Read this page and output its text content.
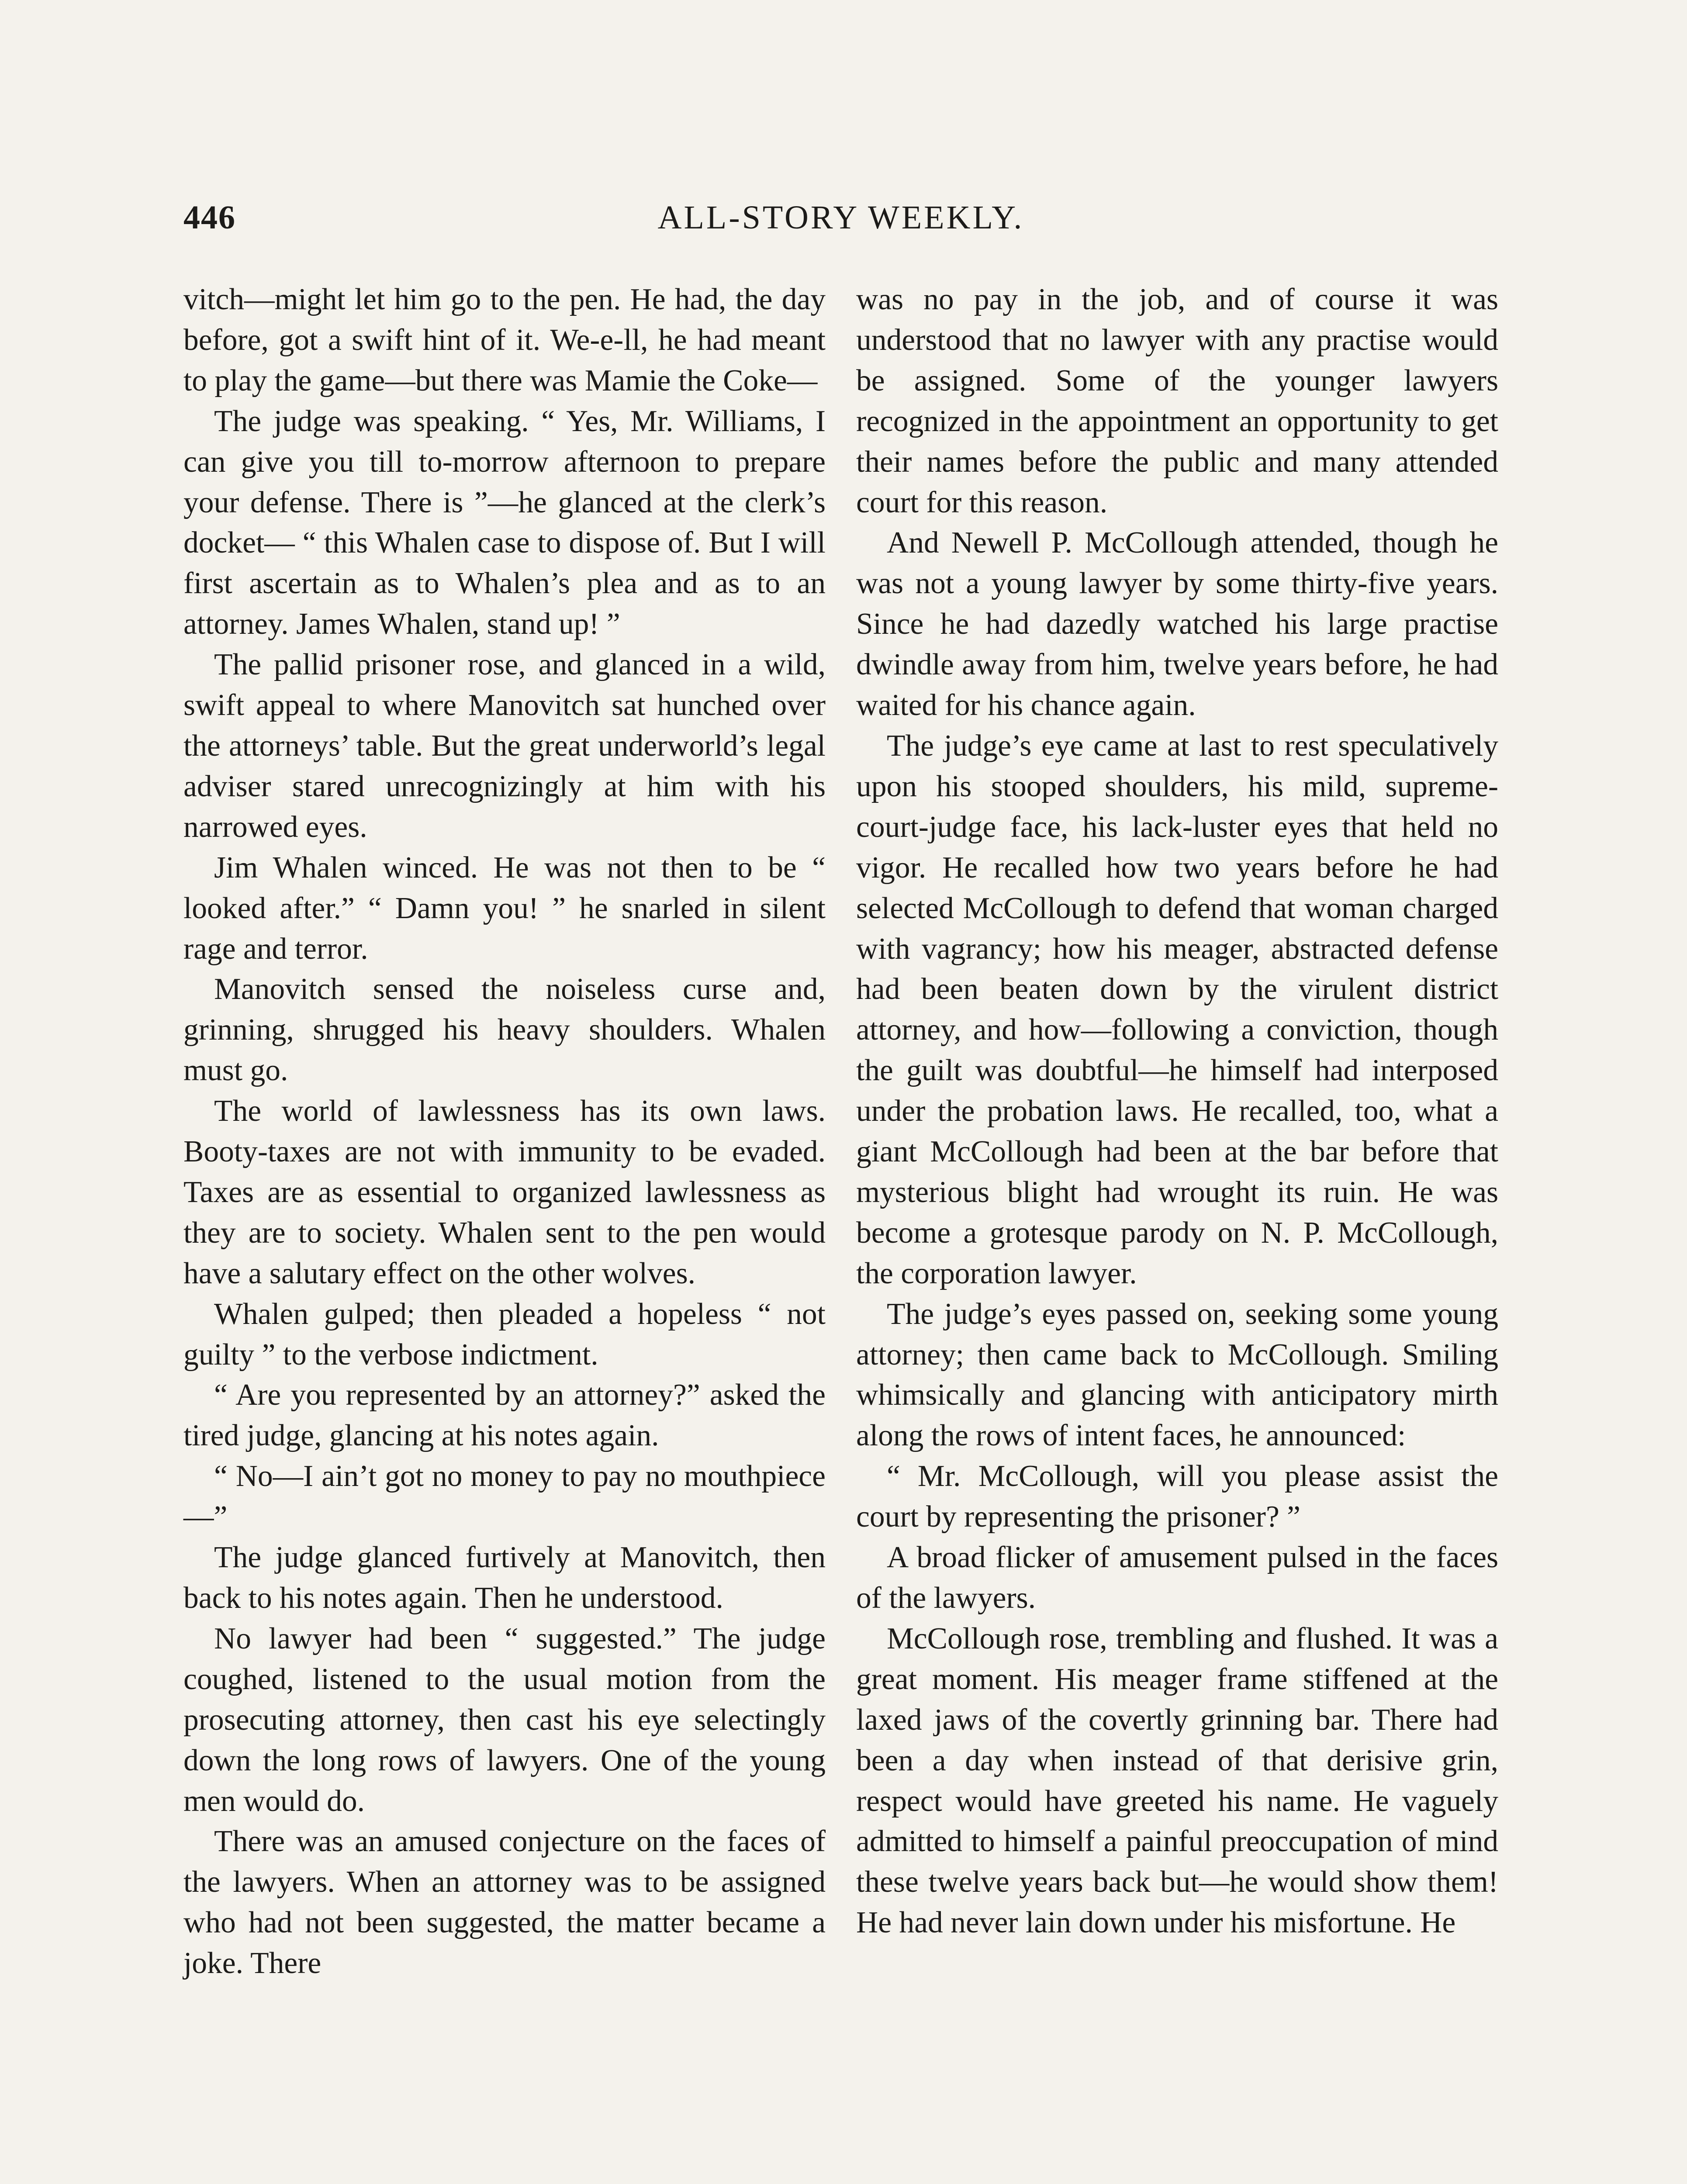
446	ALL-STORY WEEKLY.

vitch—might let him go to the pen. He had, the day before, got a swift hint of it. We-e-ll, he had meant to play the game—but there was Mamie the Coke—

The judge was speaking. “ Yes, Mr. Williams, I can give you till to-morrow afternoon to prepare your defense. There is ”—he glanced at the clerk’s docket— “ this Whalen case to dispose of. But I will first ascertain as to Whalen’s plea and as to an attorney. James Whalen, stand up! ”

The pallid prisoner rose, and glanced in a wild, swift appeal to where Manovitch sat hunched over the attorneys’ table. But the great underworld’s legal adviser stared unrecognizingly at him with his narrowed eyes.

Jim Whalen winced. He was not then to be “ looked after.” “ Damn you! ” he snarled in silent rage and terror.

Manovitch sensed the noiseless curse and, grinning, shrugged his heavy shoulders. Whalen must go.

The world of lawlessness has its own laws. Booty-taxes are not with immunity to be evaded. Taxes are as essential to organized lawlessness as they are to society. Whalen sent to the pen would have a salutary effect on the other wolves.

Whalen gulped; then pleaded a hopeless “ not guilty ” to the verbose indictment.

“ Are you represented by an attorney?” asked the tired judge, glancing at his notes again.

“ No—I ain’t got no money to pay no mouthpiece—”

The judge glanced furtively at Manovitch, then back to his notes again. Then he understood.

No lawyer had been “ suggested.” The judge coughed, listened to the usual motion from the prosecuting attorney, then cast his eye selectingly down the long rows of lawyers. One of the young men would do.

There was an amused conjecture on the faces of the lawyers. When an attorney was to be assigned who had not been suggested, the matter became a joke. There

was no pay in the job, and of course it was understood that no lawyer with any practise would be assigned. Some of the younger lawyers recognized in the appointment an opportunity to get their names before the public and many attended court for this reason.

And Newell P. McCollough attended, though he was not a young lawyer by some thirty-five years. Since he had dazedly watched his large practise dwindle away from him, twelve years before, he had waited for his chance again.

The judge’s eye came at last to rest speculatively upon his stooped shoulders, his mild, supreme-court-judge face, his lack-luster eyes that held no vigor. He recalled how two years before he had selected McCollough to defend that woman charged with vagrancy; how his meager, abstracted defense had been beaten down by the virulent district attorney, and how—following a conviction, though the guilt was doubtful—he himself had interposed under the probation laws. He recalled, too, what a giant McCollough had been at the bar before that mysterious blight had wrought its ruin. He was become a grotesque parody on N. P. McCollough, the corporation lawyer.

The judge’s eyes passed on, seeking some young attorney; then came back to McCollough. Smiling whimsically and glancing with anticipatory mirth along the rows of intent faces, he announced:

“ Mr. McCollough, will you please assist the court by representing the prisoner? ”

A broad flicker of amusement pulsed in the faces of the lawyers.

McCollough rose, trembling and flushed. It was a great moment. His meager frame stiffened at the laxed jaws of the covertly grinning bar. There had been a day when instead of that derisive grin, respect would have greeted his name. He vaguely admitted to himself a painful preoccupation of mind these twelve years back but—he would show them! He had never lain down under his misfortune. He
